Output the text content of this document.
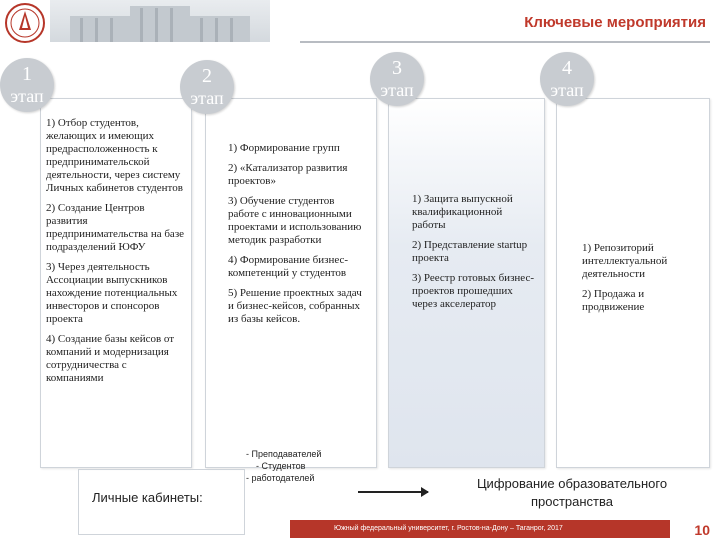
Ключевые мероприятия
1
этап
2
этап
3
этап
4
этап

1) Отбор студентов, желающих и имеющих предрасположенность к предпринимательской деятельности, через систему Личных кабинетов студентов

2) Создание Центров развития предпринимательства на базе подразделений ЮФУ

3) Через деятельность Ассоциации выпускников нахождение потенциальных инвесторов и спонсоров проекта

4) Создание базы кейсов от компаний и модернизация сотрудничества с компаниями

1) Формирование групп

2) «Катализатор развития проектов»

3) Обучение студентов работе с инновационными проектами и использованию методик разработки

4) Формирование бизнес-компетенций у студентов

5) Решение проектных задач и бизнес-кейсов, собранных из базы кейсов.

1) Защита выпускной квалификационной работы

2) Представление startup проекта

3) Реестр готовых бизнес-проектов прошедших через акселератор

1) Репозиторий интеллектуальной деятельности

2) Продажа и продвижение

Личные кабинеты:
- Преподавателей
- Студентов
- работодателей	Цифрование образовательного пространства
Южный федеральный университет, г. Ростов-на-Дону – Таганрог, 2017	10
